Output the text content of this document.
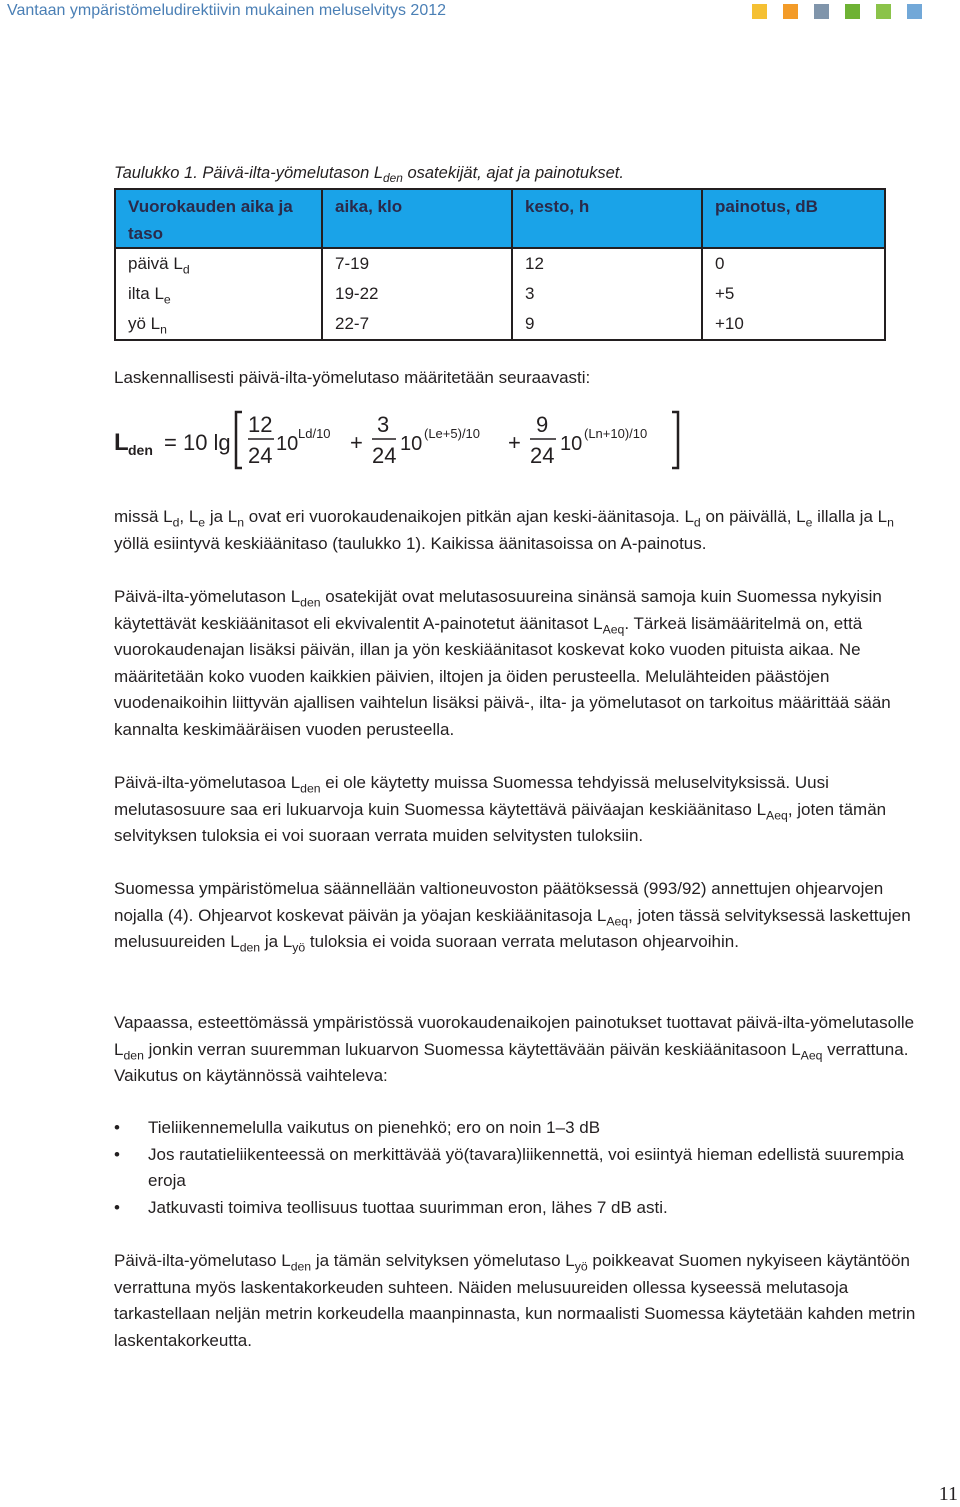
Vantaan ympäristömeludirektiivin mukainen meluselvitys 2012
Taulukko 1. Päivä-ilta-yömelutason $L_{den}$ osatekijät, ajat ja painotukset.
Vuorokauden aika ja taso	aika, klo	kesto, h	painotus, dB
päivä $L_d$	7-19	12	0
ilta $L_e$	19-22	3	+5
yö $L_n$	22-7	9	+10
Laskennallisesti päivä-ilta-yömelutaso määritetään seuraavasti:
L den = 10 lg
12
24 10 Ld/10 +
3
24 10 (Le+5)/10 +
9
24 10 (Ln+10)/10
missä $L_d$, $L_e$ ja $L_n$ ovat eri vuorokaudenaikojen pitkän ajan keski-äänitasoja. $L_d$ on päivällä, $L_e$ illalla ja $L_n$ yöllä esiintyvä keskiäänitaso (taulukko 1). Kaikissa äänitasoissa on A-painotus.
Päivä-ilta-yömelutason $L_{den}$ osatekijät ovat melutasosuureina sinänsä samoja kuin Suomessa nykyisin käytettävät keskiäänitasot eli ekvivalentit A-painotetut äänitasot $L_{Aeq}$. Tärkeä lisämääritelmä on, että vuorokaudenajan lisäksi päivän, illan ja yön keskiäänitasot koskevat koko vuoden pituista aikaa. Ne määritetään koko vuoden kaikkien päivien, iltojen ja öiden perusteella. Melulähteiden päästöjen vuodenaikoihin liittyvän ajallisen vaihtelun lisäksi päivä-, ilta- ja yömelutasot on tarkoitus määrittää sään kannalta keskimääräisen vuoden perusteella.
Päivä-ilta-yömelutasoa $L_{den}$ ei ole käytetty muissa Suomessa tehdyissä meluselvityksissä. Uusi melutasosuure saa eri lukuarvoja kuin Suomessa käytettävä päiväajan keskiäänitaso $L_{Aeq}$, joten tämän selvityksen tuloksia ei voi suoraan verrata muiden selvitysten tuloksiin.
Suomessa ympäristömelua säännellään valtioneuvoston päätöksessä (993/92) annettujen ohjearvojen nojalla (4). Ohjearvot koskevat päivän ja yöajan keskiäänitasoja $L_{Aeq}$, joten tässä selvityksessä laskettujen melusuureiden $L_{den}$ ja $L_{yö}$ tuloksia ei voida suoraan verrata melutason ohjearvoihin.
Vapaassa, esteettömässä ympäristössä vuorokaudenaikojen painotukset tuottavat päivä-ilta-yömelutasolle $L_{den}$ jonkin verran suuremman lukuarvon Suomessa käytettävään päivän keskiäänitasoon $L_{Aeq}$ verrattuna. Vaikutus on käytännössä vaihteleva:
• Tieliikennemelulla vaikutus on pienehkö; ero on noin 1–3 dB
• Jos rautatieliikenteessä on merkittävää yö(tavara)liikennettä, voi esiintyä hieman edellistä suurempia eroja
• Jatkuvasti toimiva teollisuus tuottaa suurimman eron, lähes 7 dB asti.
Päivä-ilta-yömelutaso $L_{den}$ ja tämän selvityksen yömelutaso $L_{yö}$ poikkeavat Suomen nykyiseen käytäntöön verrattuna myös laskentakorkeuden suhteen. Näiden melusuureiden ollessa kyseessä melutasoja tarkastellaan neljän metrin korkeudella maanpinnasta, kun normaalisti Suomessa käytetään kahden metrin laskentakorkeutta.
11
